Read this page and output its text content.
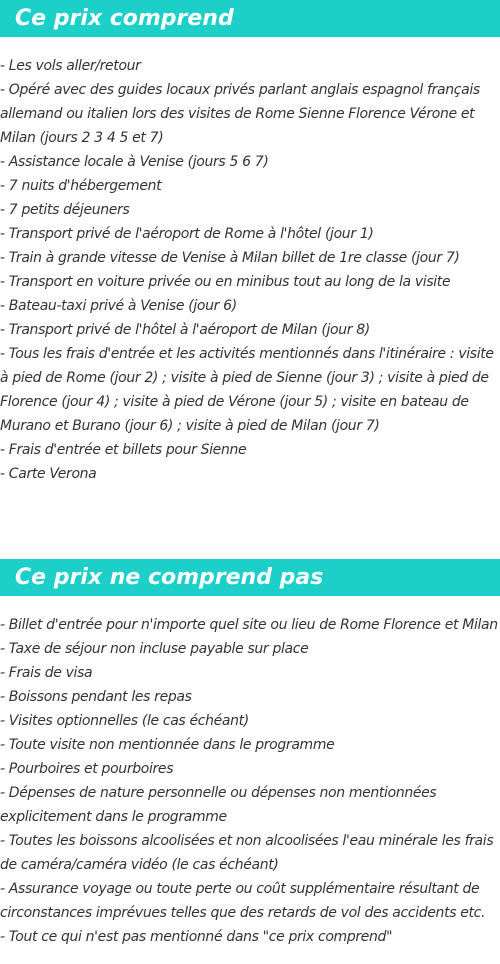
Ce prix comprend
- Les vols aller/retour
- Opéré avec des guides locaux privés parlant anglais espagnol français allemand ou italien lors des visites de Rome Sienne Florence Vérone et Milan (jours 2 3 4 5 et 7)
- Assistance locale à Venise (jours 5 6 7)
- 7 nuits d'hébergement
- 7 petits déjeuners
- Transport privé de l'aéroport de Rome à l'hôtel (jour 1)
- Train à grande vitesse de Venise à Milan billet de 1re classe (jour 7)
- Transport en voiture privée ou en minibus tout au long de la visite
- Bateau-taxi privé à Venise (jour 6)
- Transport privé de l'hôtel à l'aéroport de Milan (jour 8)
- Tous les frais d'entrée et les activités mentionnés dans l'itinéraire : visite à pied de Rome (jour 2) ; visite à pied de Sienne (jour 3) ; visite à pied de Florence (jour 4) ; visite à pied de Vérone (jour 5) ; visite en bateau de Murano et Burano (jour 6) ; visite à pied de Milan (jour 7)
- Frais d'entrée et billets pour Sienne
- Carte Verona
Ce prix ne comprend pas
- Billet d'entrée pour n'importe quel site ou lieu de Rome Florence et Milan
- Taxe de séjour non incluse payable sur place
- Frais de visa
- Boissons pendant les repas
- Visites optionnelles (le cas échéant)
- Toute visite non mentionnée dans le programme
- Pourboires et pourboires
- Dépenses de nature personnelle ou dépenses non mentionnées explicitement dans le programme
- Toutes les boissons alcoolisées et non alcoolisées l'eau minérale les frais de caméra/caméra vidéo (le cas échéant)
- Assurance voyage ou toute perte ou coût supplémentaire résultant de circonstances imprévues telles que des retards de vol des accidents etc.
- Tout ce qui n'est pas mentionné dans "ce prix comprend"
